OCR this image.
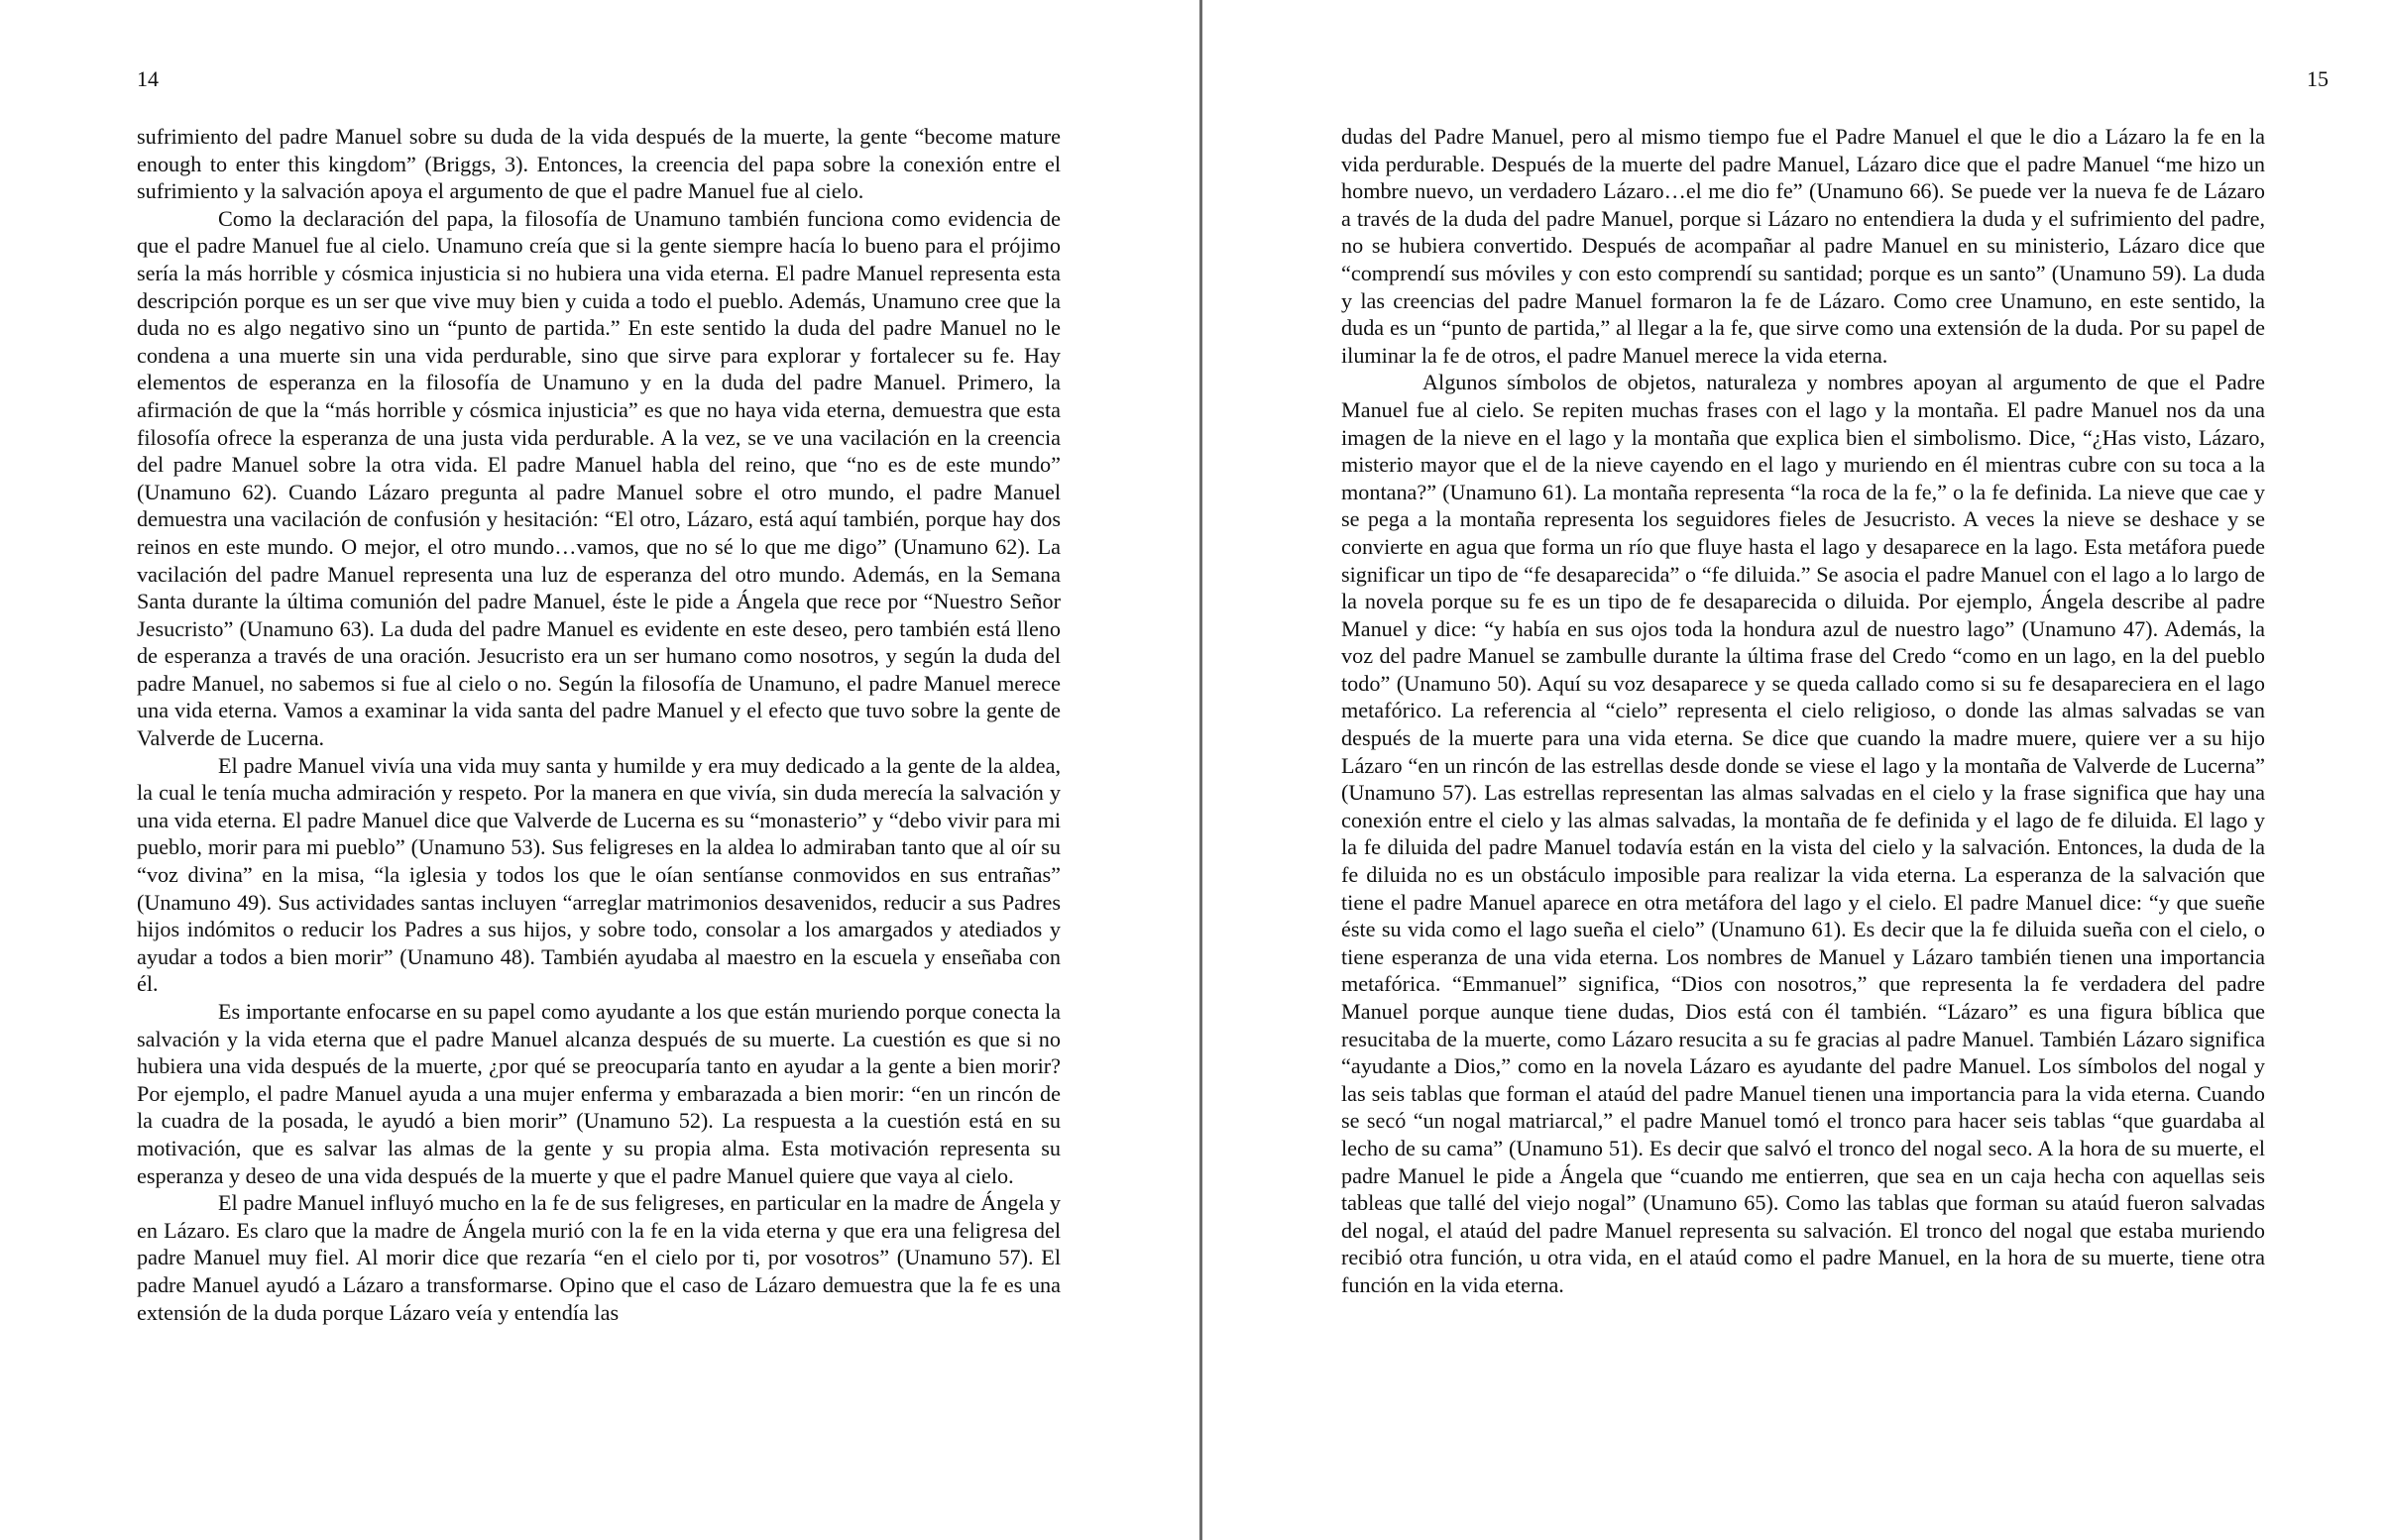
14

sufrimiento del padre Manuel sobre su duda de la vida después de la muerte, la gente “become mature enough to enter this kingdom” (Briggs, 3). Entonces, la creencia del papa sobre la conexión entre el sufrimiento y la salvación apoya el argumento de que el padre Manuel fue al cielo.

Como la declaración del papa, la filosofía de Unamuno también funciona como evidencia de que el padre Manuel fue al cielo. Unamuno creía que si la gente siempre hacía lo bueno para el prójimo sería la más horrible y cósmica injusticia si no hubiera una vida eterna. El padre Manuel representa esta descripción porque es un ser que vive muy bien y cuida a todo el pueblo. Además, Unamuno cree que la duda no es algo negativo sino un “punto de partida.” En este sentido la duda del padre Manuel no le condena a una muerte sin una vida perdurable, sino que sirve para explorar y fortalecer su fe. Hay elementos de esperanza en la filosofía de Unamuno y en la duda del padre Manuel. Primero, la afirmación de que la “más horrible y cósmica injusticia” es que no haya vida eterna, demuestra que esta filosofía ofrece la esperanza de una justa vida perdurable. A la vez, se ve una vacilación en la creencia del padre Manuel sobre la otra vida. El padre Manuel habla del reino, que “no es de este mundo” (Unamuno 62). Cuando Lázaro pregunta al padre Manuel sobre el otro mundo, el padre Manuel demuestra una vacilación de confusión y hesitación: “El otro, Lázaro, está aquí también, porque hay dos reinos en este mundo. O mejor, el otro mundo…vamos, que no sé lo que me digo” (Unamuno 62). La vacilación del padre Manuel representa una luz de esperanza del otro mundo. Además, en la Semana Santa durante la última comunión del padre Manuel, éste le pide a Ángela que rece por “Nuestro Señor Jesucristo” (Unamuno 63). La duda del padre Manuel es evidente en este deseo, pero también está lleno de esperanza a través de una oración. Jesucristo era un ser humano como nosotros, y según la duda del padre Manuel, no sabemos si fue al cielo o no. Según la filosofía de Unamuno, el padre Manuel merece una vida eterna. Vamos a examinar la vida santa del padre Manuel y el efecto que tuvo sobre la gente de Valverde de Lucerna.

El padre Manuel vivía una vida muy santa y humilde y era muy dedicado a la gente de la aldea, la cual le tenía mucha admiración y respeto. Por la manera en que vivía, sin duda merecía la salvación y una vida eterna. El padre Manuel dice que Valverde de Lucerna es su “monasterio” y “debo vivir para mi pueblo, morir para mi pueblo” (Unamuno 53). Sus feligreses en la aldea lo admiraban tanto que al oír su “voz divina” en la misa, “la iglesia y todos los que le oían sentíanse conmovidos en sus entrañas” (Unamuno 49). Sus actividades santas incluyen “arreglar matrimonios desavenidos, reducir a sus Padres hijos indómitos o reducir los Padres a sus hijos, y sobre todo, consolar a los amargados y atediados y ayudar a todos a bien morir” (Unamuno 48). También ayudaba al maestro en la escuela y enseñaba con él.

Es importante enfocarse en su papel como ayudante a los que están muriendo porque conecta la salvación y la vida eterna que el padre Manuel alcanza después de su muerte. La cuestión es que si no hubiera una vida después de la muerte, ¿por qué se preocuparía tanto en ayudar a la gente a bien morir? Por ejemplo, el padre Manuel ayuda a una mujer enferma y embarazada a bien morir: “en un rincón de la cuadra de la posada, le ayudó a bien morir” (Unamuno 52). La respuesta a la cuestión está en su motivación, que es salvar las almas de la gente y su propia alma. Esta motivación representa su esperanza y deseo de una vida después de la muerte y que el padre Manuel quiere que vaya al cielo.

El padre Manuel influyó mucho en la fe de sus feligreses, en particular en la madre de Ángela y en Lázaro. Es claro que la madre de Ángela murió con la fe en la vida eterna y que era una feligresa del padre Manuel muy fiel. Al morir dice que rezaría “en el cielo por ti, por vosotros” (Unamuno 57). El padre Manuel ayudó a Lázaro a transformarse. Opino que el caso de Lázaro demuestra que la fe es una extensión de la duda porque Lázaro veía y entendía las

15

dudas del Padre Manuel, pero al mismo tiempo fue el Padre Manuel el que le dio a Lázaro la fe en la vida perdurable. Después de la muerte del padre Manuel, Lázaro dice que el padre Manuel “me hizo un hombre nuevo, un verdadero Lázaro…el me dio fe” (Unamuno 66). Se puede ver la nueva fe de Lázaro a través de la duda del padre Manuel, porque si Lázaro no entendiera la duda y el sufrimiento del padre, no se hubiera convertido. Después de acompañar al padre Manuel en su ministerio, Lázaro dice que “comprendí sus móviles y con esto comprendí su santidad; porque es un santo” (Unamuno 59). La duda y las creencias del padre Manuel formaron la fe de Lázaro. Como cree Unamuno, en este sentido, la duda es un “punto de partida,” al llegar a la fe, que sirve como una extensión de la duda. Por su papel de iluminar la fe de otros, el padre Manuel merece la vida eterna.

Algunos símbolos de objetos, naturaleza y nombres apoyan al argumento de que el Padre Manuel fue al cielo. Se repiten muchas frases con el lago y la montaña. El padre Manuel nos da una imagen de la nieve en el lago y la montaña que explica bien el simbolismo. Dice, “¿Has visto, Lázaro, misterio mayor que el de la nieve cayendo en el lago y muriendo en él mientras cubre con su toca a la montana?” (Unamuno 61). La montaña representa “la roca de la fe,” o la fe definida. La nieve que cae y se pega a la montaña representa los seguidores fieles de Jesucristo. A veces la nieve se deshace y se convierte en agua que forma un río que fluye hasta el lago y desaparece en la lago. Esta metáfora puede significar un tipo de “fe desaparecida” o “fe diluida.” Se asocia el padre Manuel con el lago a lo largo de la novela porque su fe es un tipo de fe desaparecida o diluida. Por ejemplo, Ángela describe al padre Manuel y dice: “y había en sus ojos toda la hondura azul de nuestro lago” (Unamuno 47). Además, la voz del padre Manuel se zambulle durante la última frase del Credo “como en un lago, en la del pueblo todo” (Unamuno 50). Aquí su voz desaparece y se queda callado como si su fe desapareciera en el lago metafórico. La referencia al “cielo” representa el cielo religioso, o donde las almas salvadas se van después de la muerte para una vida eterna. Se dice que cuando la madre muere, quiere ver a su hijo Lázaro “en un rincón de las estrellas desde donde se viese el lago y la montaña de Valverde de Lucerna” (Unamuno 57). Las estrellas representan las almas salvadas en el cielo y la frase significa que hay una conexión entre el cielo y las almas salvadas, la montaña de fe definida y el lago de fe diluida. El lago y la fe diluida del padre Manuel todavía están en la vista del cielo y la salvación. Entonces, la duda de la fe diluida no es un obstáculo imposible para realizar la vida eterna. La esperanza de la salvación que tiene el padre Manuel aparece en otra metáfora del lago y el cielo. El padre Manuel dice: “y que sueñe éste su vida como el lago sueña el cielo” (Unamuno 61). Es decir que la fe diluida sueña con el cielo, o tiene esperanza de una vida eterna. Los nombres de Manuel y Lázaro también tienen una importancia metafórica. “Emmanuel” significa, “Dios con nosotros,” que representa la fe verdadera del padre Manuel porque aunque tiene dudas, Dios está con él también. “Lázaro” es una figura bíblica que resucitaba de la muerte, como Lázaro resucita a su fe gracias al padre Manuel. También Lázaro significa “ayudante a Dios,” como en la novela Lázaro es ayudante del padre Manuel. Los símbolos del nogal y las seis tablas que forman el ataúd del padre Manuel tienen una importancia para la vida eterna. Cuando se secó “un nogal matriarcal,” el padre Manuel tomó el tronco para hacer seis tablas “que guardaba al lecho de su cama” (Unamuno 51). Es decir que salvó el tronco del nogal seco. A la hora de su muerte, el padre Manuel le pide a Ángela que “cuando me entierren, que sea en un caja hecha con aquellas seis tableas que tallé del viejo nogal” (Unamuno 65). Como las tablas que forman su ataúd fueron salvadas del nogal, el ataúd del padre Manuel representa su salvación. El tronco del nogal que estaba muriendo recibió otra función, u otra vida, en el ataúd como el padre Manuel, en la hora de su muerte, tiene otra función en la vida eterna.
